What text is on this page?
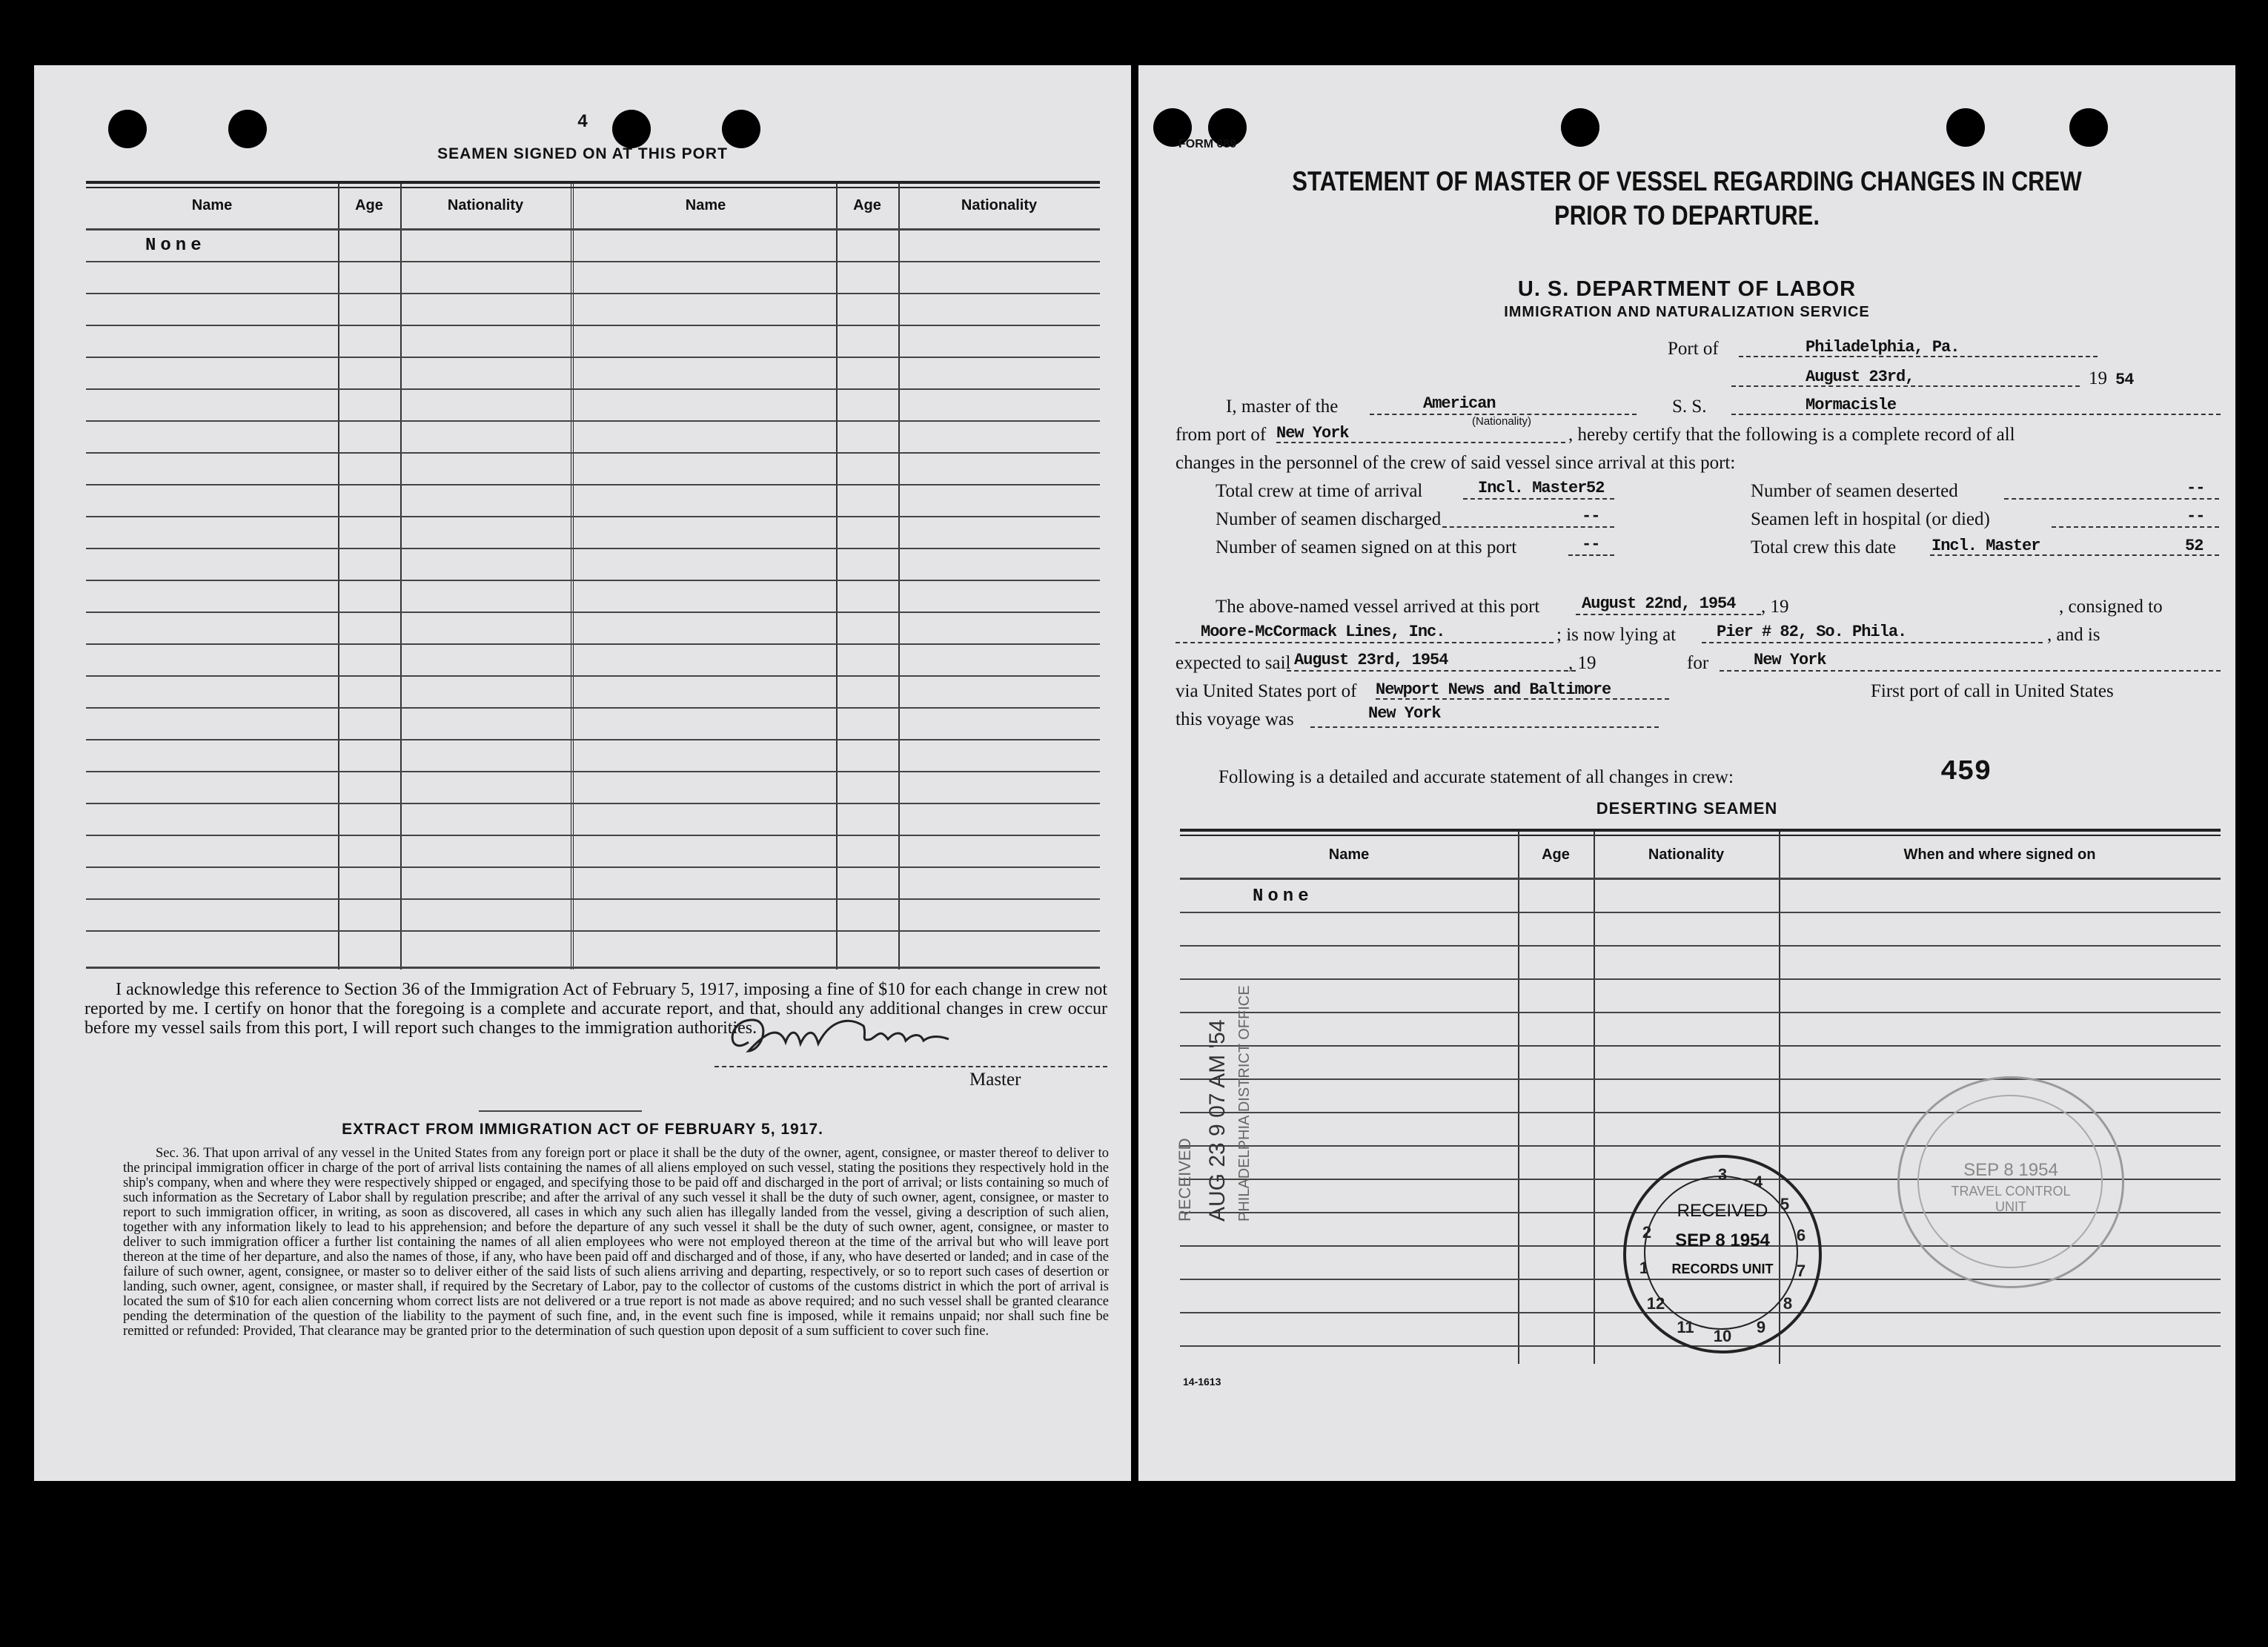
4
SEAMEN SIGNED ON AT THIS PORT
Name	Age	Nationality	Name	Age	Nationality
None
I acknowledge this reference to Section 36 of the Immigration Act of February 5, 1917, imposing a fine of $10 for each change in crew not reported by me. I certify on honor that the foregoing is a complete and accurate report, and that, should any additional changes in crew occur before my vessel sails from this port, I will report such changes to the immigration authorities.
Master
EXTRACT FROM IMMIGRATION ACT OF FEBRUARY 5, 1917.
Sec. 36. That upon arrival of any vessel in the United States from any foreign port or place it shall be the duty of the owner, agent, consignee, or master thereof to deliver to the principal immigration officer in charge of the port of arrival lists containing the names of all aliens employed on such vessel, stating the positions they respectively hold in the ship's company, when and where they were respectively shipped or engaged, and specifying those to be paid off and discharged in the port of arrival; or lists containing so much of such information as the Secretary of Labor shall by regulation prescribe; and after the arrival of any such vessel it shall be the duty of such owner, agent, consignee, or master to report to such immigration officer, in writing, as soon as discovered, all cases in which any such alien has illegally landed from the vessel, giving a description of such alien, together with any information likely to lead to his apprehension; and before the departure of any such vessel it shall be the duty of such owner, agent, consignee, or master to deliver to such immigration officer a further list containing the names of all alien employees who were not employed thereon at the time of the arrival but who will leave port thereon at the time of her departure, and also the names of those, if any, who have been paid off and discharged and of those, if any, who have deserted or landed; and in case of the failure of such owner, agent, consignee, or master so to deliver either of the said lists of such aliens arriving and departing, respectively, or so to report such cases of desertion or landing, such owner, agent, consignee, or master shall, if required by the Secretary of Labor, pay to the collector of customs of the customs district in which the port of arrival is located the sum of $10 for each alien concerning whom correct lists are not delivered or a true report is not made as above required; and no such vessel shall be granted clearance pending the determination of the question of the liability to the payment of such fine, and, in the event such fine is imposed, while it remains unpaid; nor shall such fine be remitted or refunded: Provided, That clearance may be granted prior to the determination of such question upon deposit of a sum sufficient to cover such fine.
FORM 689
STATEMENT OF MASTER OF VESSEL REGARDING CHANGES IN CREW
PRIOR TO DEPARTURE.
U. S. DEPARTMENT OF LABOR
IMMIGRATION AND NATURALIZATION SERVICE
Port of	Philadelphia, Pa.
August 23rd,	19 54
I, master of the	American
(Nationality)
S. S.	Mormacisle
from port of New York	, hereby certify that the following is a complete record of all
changes in the personnel of the crew of said vessel since arrival at this port:
Total crew at time of arrival	Incl. Master 52	Number of seamen deserted	--
Number of seamen discharged	--	Seamen left in hospital (or died)	--
Number of seamen signed on at this port	--	Total crew this date Incl. Master	52
The above-named vessel arrived at this port	August 22nd, 1954 , 19	, consigned to
Moore-McCormack Lines, Inc.	; is now lying at Pier # 82, So. Phila.	, and is
expected to sail August 23rd, 1954	, 19	for	New York
via United States port of Newport News and Baltimore	First port of call in United States
this voyage was	New York
Following is a detailed and accurate statement of all changes in crew:	459
DESERTING SEAMEN
Name	Age	Nationality	When and where signed on
None
RECEIVED AUG 23 9 07 AM '54 PHILADELPHIA DISTRICT OFFICE	3 4
5
6
7
8
9
10
11
12
1
2
RECEIVED
SEP 8 1954
RECORDS UNIT
SEP 8 1954
TRAVEL CONTROL UNIT
14-1613
